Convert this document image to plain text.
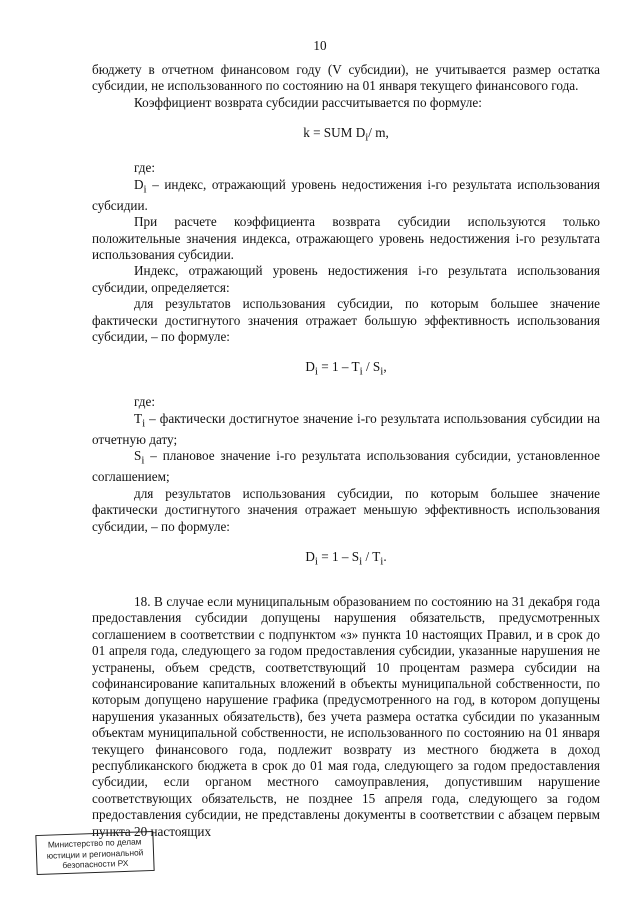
10

бюджету в отчетном финансовом году (V субсидии), не учитывается размер остатка субсидии, не использованного по состоянию на 01 января текущего финансового года.

Коэффициент возврата субсидии рассчитывается по формуле:

k = SUM $D_i/$ m,

где:

$D_i$ – индекс, отражающий уровень недостижения i-го результата использования субсидии.

При расчете коэффициента возврата субсидии используются только положительные значения индекса, отражающего уровень недостижения i-го результата использования субсидии.

Индекс, отражающий уровень недостижения i-го результата использования субсидии, определяется:

для результатов использования субсидии, по которым большее значение фактически достигнутого значения отражает большую эффективность использования субсидии, – по формуле:

$D_i = 1 - T_i / S_i$,

где:

$T_i$ – фактически достигнутое значение i-го результата использования субсидии на отчетную дату;

$S_i$ – плановое значение i-го результата использования субсидии, установленное соглашением;

для результатов использования субсидии, по которым большее значение фактически достигнутого значения отражает меньшую эффективность использования субсидии, – по формуле:

$D_i = 1 - S_i / T_i$.

18. В случае если муниципальным образованием по состоянию на 31 декабря года предоставления субсидии допущены нарушения обязательств, предусмотренных соглашением в соответствии с подпунктом «з» пункта 10 настоящих Правил, и в срок до 01 апреля года, следующего за годом предоставления субсидии, указанные нарушения не устранены, объем средств, соответствующий 10 процентам размера субсидии на софинансирование капитальных вложений в объекты муниципальной собственности, по которым допущено нарушение графика (предусмотренного на год, в котором допущены нарушения указанных обязательств), без учета размера остатка субсидии по указанным объектам муниципальной собственности, не использованного по состоянию на 01 января текущего финансового года, подлежит возврату из местного бюджета в доход республиканского бюджета в срок до 01 мая года, следующего за годом предоставления субсидии, если органом местного самоуправления, допустившим нарушение соответствующих обязательств, не позднее 15 апреля года, следующего за годом предоставления субсидии, не представлены документы в соответствии с абзацем первым пункта 20 настоящих

Министерство по делам
юстиции и региональной
безопасности РХ
